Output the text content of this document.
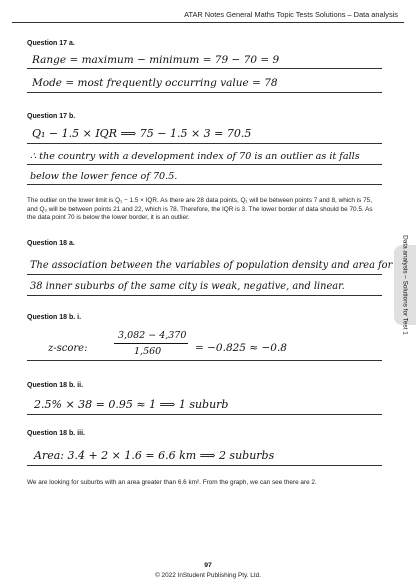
ATAR Notes General Maths Topic Tests Solutions – Data analysis
Data analysis – Solutions for Test 1
Question 17 a.
Range = maximum − minimum = 79 − 70 = 9
Mode = most frequently occurring value = 78
Question 17 b.
Q₁ − 1.5 × IQR ⟹ 75 − 1.5 × 3 = 70.5
∴ the country with a development index of 70 is an outlier as it falls
below the lower fence of 70.5.
The outlier on the lower limit is Q₁ − 1.5 × IQR. As there are 28 data points, Q₁ will be between points 7 and 8, which is 75, and Q₃ will be between points 21 and 22, which is 78. Therefore, the IQR is 3. The lower border of data should be 70.5. As the data point 70 is below the lower border, it is an outlier.
Question 18 a.
The association between the variables of population density and area for
38 inner suburbs of the same city is weak, negative, and linear.
Question 18 b. i.
3,082 − 4,370
z-score:	1,560	= −0.825 ≈ −0.8
Question 18 b. ii.
2.5% × 38 = 0.95 ≈ 1 ⟹ 1 suburb
Question 18 b. iii.
Area: 3.4 + 2 × 1.6 = 6.6 km ⟹ 2 suburbs
We are looking for suburbs with an area greater than 6.6 km². From the graph, we can see there are 2.
97
© 2022 InStudent Publishing Pty. Ltd.
